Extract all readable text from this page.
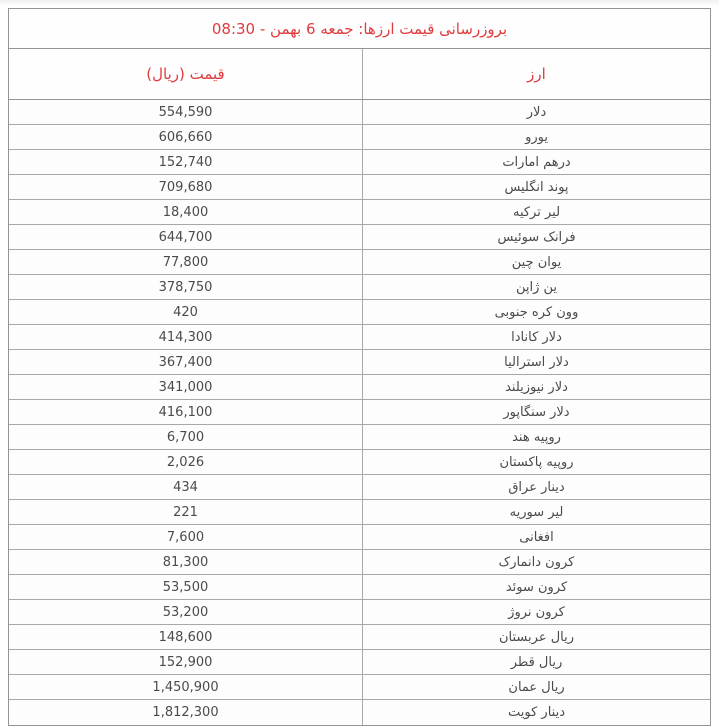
بروزرسانی قیمت ارزها: جمعه 6 بهمن - 08:30
قیمت (ریال)	ارز
554,590	دلار
606,660	یورو
152,740	درهم امارات
709,680	پوند انگلیس
18,400	لیر ترکیه
644,700	فرانک سوئیس
77,800	یوان چین
378,750	ین ژاپن
420	وون کره جنوبی
414,300	دلار کانادا
367,400	دلار استرالیا
341,000	دلار نیوزیلند
416,100	دلار سنگاپور
6,700	روپیه هند
2,026	روپیه پاکستان
434	دینار عراق
221	لیر سوریه
7,600	افغانی
81,300	کرون دانمارک
53,500	کرون سوئد
53,200	کرون نروژ
148,600	ریال عربستان
152,900	ریال قطر
1,450,900	ریال عمان
1,812,300	دینار کویت
